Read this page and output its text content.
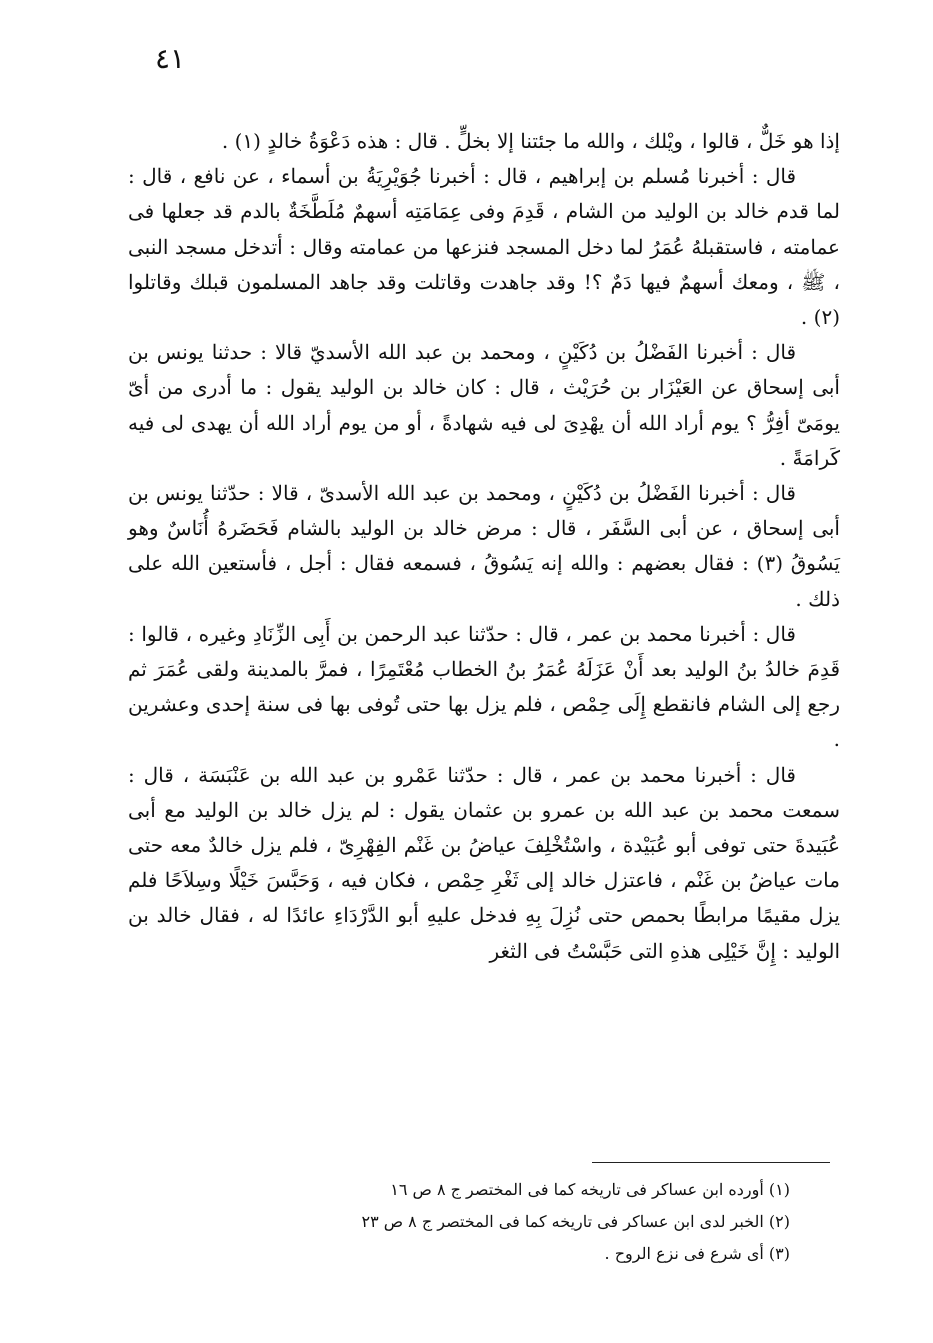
٤١

إذا هو خَلٌّ ، قالوا ، ويْلك ، والله ما جئتنا إلا بخلٍّ . قال : هذه دَعْوَةُ خالدٍ (١) .

قال : أخبرنا مُسلم بن إبراهيم ، قال : أخبرنا جُوَيْرِيَةُ بن أسماء ، عن نافع ، قال : لما قدم خالد بن الوليد من الشام ، قَدِمَ وفى عِمَامَتِه أسهمٌ مُلَطَّخَةٌ بالدم قد جعلها فى عمامته ، فاستقبلهُ عُمَرُ لما دخل المسجد فنزعها من عمامته وقال : أتدخل مسجد النبى ، ﷺ ، ومعك أسهمٌ فيها دَمٌ ؟! وقد جاهدت وقاتلت وقد جاهد المسلمون قبلك وقاتلوا (٢) .

قال : أخبرنا الفَضْلُ بن دُكَيْنٍ ، ومحمد بن عبد الله الأسديّ قالا : حدثنا يونس بن أبى إسحاق عن العَيْزَار بن حُرَيْث ، قال : كان خالد بن الوليد يقول : ما أدرى من أىّ يومَىّ أفِرُّ ؟ يوم أراد الله أن يهْدِىَ لى فيه شهادةً ، أو من يوم أراد الله أن يهدى لى فيه كَرامَةً .

قال : أخبرنا الفَضْلُ بن دُكَيْنٍ ، ومحمد بن عبد الله الأسدىّ ، قالا : حدّثنا يونس بن أبى إسحاق ، عن أبى السَّفَر ، قال : مرض خالد بن الوليد بالشام فَحَضَرهُ أُنَاسٌ وهو يَسُوقُ (٣) : فقال بعضهم : والله إنه يَسُوقُ ، فسمعه فقال : أجل ، فأستعين الله على ذلك .

قال : أخبرنا محمد بن عمر ، قال : حدّثنا عبد الرحمن بن أَبِى الزِّنَادِ وغيره ، قالوا : قَدِمَ خالدُ بنُ الوليد بعد أَنْ عَزَلَهُ عُمَرُ بنُ الخطاب مُعْتَمِرًا ، فمرَّ بالمدينة ولقى عُمَرَ ثم رجع إلى الشام فانقطع إِلَى حِمْص ، فلم يزل بها حتى تُوفى بها فى سنة إحدى وعشرين .

قال : أخبرنا محمد بن عمر ، قال : حدّثنا عَمْرو بن عبد الله بن عَنْبَسَة ، قال : سمعت محمد بن عبد الله بن عمرو بن عثمان يقول : لم يزل خالد بن الوليد مع أبى عُبَيدةَ حتى توفى أبو عُبَيْدة ، واسْتُخْلِفَ عياضُ بن غَنْم الفِهْرِىّ ، فلم يزل خالدٌ معه حتى مات عياضُ بن غَنْم ، فاعتزل خالد إلى ثَغْرِ حِمْص ، فكان فيه ، وَحَبَّسَ خَيْلًا وسِلاَحًا فلم يزل مقيمًا مرابطًا بحمص حتى نُزِلَ بِهِ فدخل عليهِ أبو الدَّرْدَاءِ عائدًا له ، فقال خالد بن الوليد : إِنَّ خَيْلِى هذهِ التى حَبَّسْتُ فى الثغر

(١) أورده ابن عساكر فى تاريخه كما فى المختصر ج ٨ ص ١٦

(٢) الخبر لدى ابن عساكر فى تاريخه كما فى المختصر ج ٨ ص ٢٣

(٣) أى شرع فى نزع الروح .
